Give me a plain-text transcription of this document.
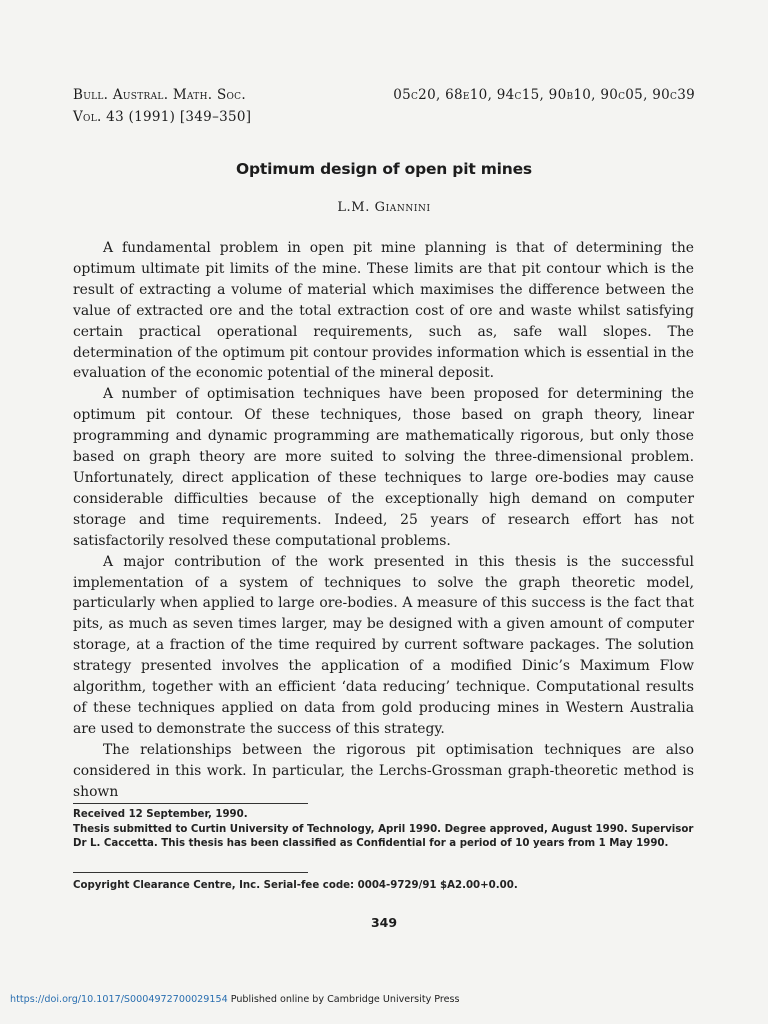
Bull. Austral. Math. Soc.
Vol. 43 (1991) [349–350]
05c20, 68e10, 94c15, 90b10, 90c05, 90c39
Optimum design of open pit mines
L.M. Giannini

A fundamental problem in open pit mine planning is that of determining the optimum ultimate pit limits of the mine. These limits are that pit contour which is the result of extracting a volume of material which maximises the difference between the value of extracted ore and the total extraction cost of ore and waste whilst satisfying certain practical operational requirements, such as, safe wall slopes. The determination of the optimum pit contour provides information which is essential in the evaluation of the economic potential of the mineral deposit.

A number of optimisation techniques have been proposed for determining the optimum pit contour. Of these techniques, those based on graph theory, linear programming and dynamic programming are mathematically rigorous, but only those based on graph theory are more suited to solving the three-dimensional problem. Unfortunately, direct application of these techniques to large ore-bodies may cause considerable difficulties because of the exceptionally high demand on computer storage and time requirements. Indeed, 25 years of research effort has not satisfactorily resolved these computational problems.

A major contribution of the work presented in this thesis is the successful implementation of a system of techniques to solve the graph theoretic model, particularly when applied to large ore-bodies. A measure of this success is the fact that pits, as much as seven times larger, may be designed with a given amount of computer storage, at a fraction of the time required by current software packages. The solution strategy presented involves the application of a modified Dinic’s Maximum Flow algorithm, together with an efficient ‘data reducing’ technique. Computational results of these techniques applied on data from gold producing mines in Western Australia are used to demonstrate the success of this strategy.

The relationships between the rigorous pit optimisation techniques are also considered in this work. In particular, the Lerchs-Grossman graph-theoretic method is shown

Received 12 September, 1990.
Thesis submitted to Curtin University of Technology, April 1990. Degree approved, August 1990. Supervisor Dr L. Caccetta. This thesis has been classified as Confidential for a period of 10 years from 1 May 1990.
Copyright Clearance Centre, Inc. Serial-fee code: 0004-9729/91 $A2.00+0.00.
349
https://doi.org/10.1017/S0004972700029154 Published online by Cambridge University Press
